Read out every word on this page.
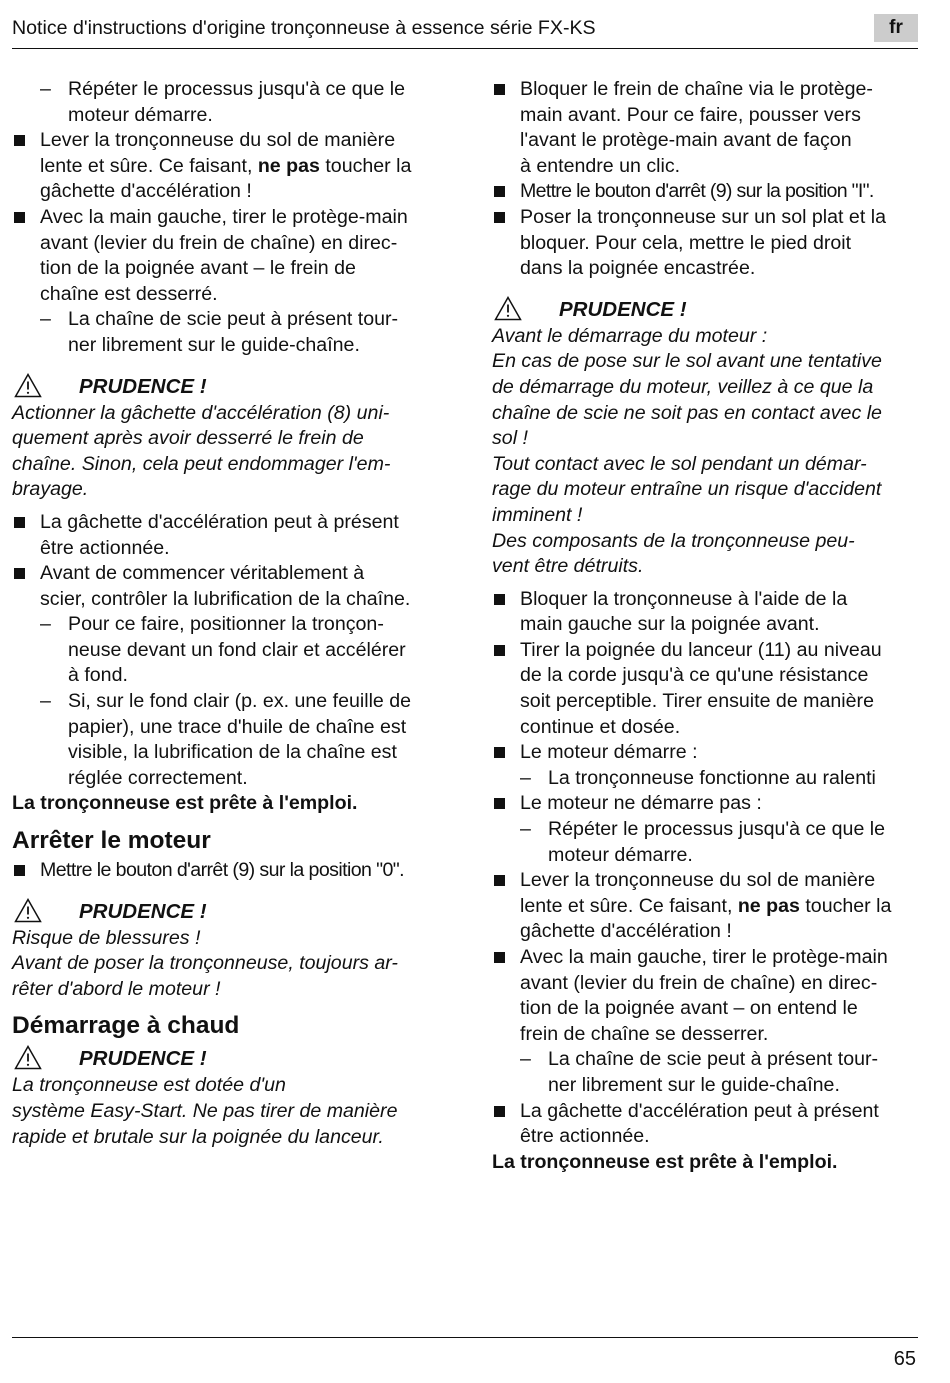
Notice d'instructions d'origine tronçonneuse à essence série FX-KS	fr
– Répéter le processus jusqu'à ce que le
moteur démarre.
Lever la tronçonneuse du sol de manière
lente et sûre. Ce faisant, ne pas toucher la
gâchette d'accélération !
Avec la main gauche, tirer le protège-main
avant (levier du frein de chaîne) en direc-
tion de la poignée avant – le frein de
chaîne est desserré.
– La chaîne de scie peut à présent tour-
ner librement sur le guide-chaîne.
PRUDENCE !
Actionner la gâchette d'accélération (8) uni-
quement après avoir desserré le frein de
chaîne. Sinon, cela peut endommager l'em-
brayage.
La gâchette d'accélération peut à présent
être actionnée.
Avant de commencer véritablement à
scier, contrôler la lubrification de la chaîne.
– Pour ce faire, positionner la tronçon-
neuse devant un fond clair et accélérer
à fond.
– Si, sur le fond clair (p. ex. une feuille de
papier), une trace d'huile de chaîne est
visible, la lubrification de la chaîne est
réglée correctement.
La tronçonneuse est prête à l'emploi.
Arrêter le moteur
Mettre le bouton d'arrêt (9) sur la position "0".
PRUDENCE !
Risque de blessures !
Avant de poser la tronçonneuse, toujours ar-
rêter d'abord le moteur !
Démarrage à chaud
PRUDENCE !
La tronçonneuse est dotée d'un
système Easy-Start. Ne pas tirer de manière
rapide et brutale sur la poignée du lanceur.
Bloquer le frein de chaîne via le protège-
main avant. Pour ce faire, pousser vers
l'avant le protège-main avant de façon
à entendre un clic.
Mettre le bouton d'arrêt (9) sur la position "I".
Poser la tronçonneuse sur un sol plat et la
bloquer. Pour cela, mettre le pied droit
dans la poignée encastrée.
PRUDENCE !
Avant le démarrage du moteur :
En cas de pose sur le sol avant une tentative
de démarrage du moteur, veillez à ce que la
chaîne de scie ne soit pas en contact avec le
sol !
Tout contact avec le sol pendant un démar-
rage du moteur entraîne un risque d'accident
imminent !
Des composants de la tronçonneuse peu-
vent être détruits.
Bloquer la tronçonneuse à l'aide de la
main gauche sur la poignée avant.
Tirer la poignée du lanceur (11) au niveau
de la corde jusqu'à ce qu'une résistance
soit perceptible. Tirer ensuite de manière
continue et dosée.
Le moteur démarre :
– La tronçonneuse fonctionne au ralenti
Le moteur ne démarre pas :
– Répéter le processus jusqu'à ce que le
moteur démarre.
Lever la tronçonneuse du sol de manière
lente et sûre. Ce faisant, ne pas toucher la
gâchette d'accélération !
Avec la main gauche, tirer le protège-main
avant (levier du frein de chaîne) en direc-
tion de la poignée avant – on entend le
frein de chaîne se desserrer.
– La chaîne de scie peut à présent tour-
ner librement sur le guide-chaîne.
La gâchette d'accélération peut à présent
être actionnée.
La tronçonneuse est prête à l'emploi.
65
